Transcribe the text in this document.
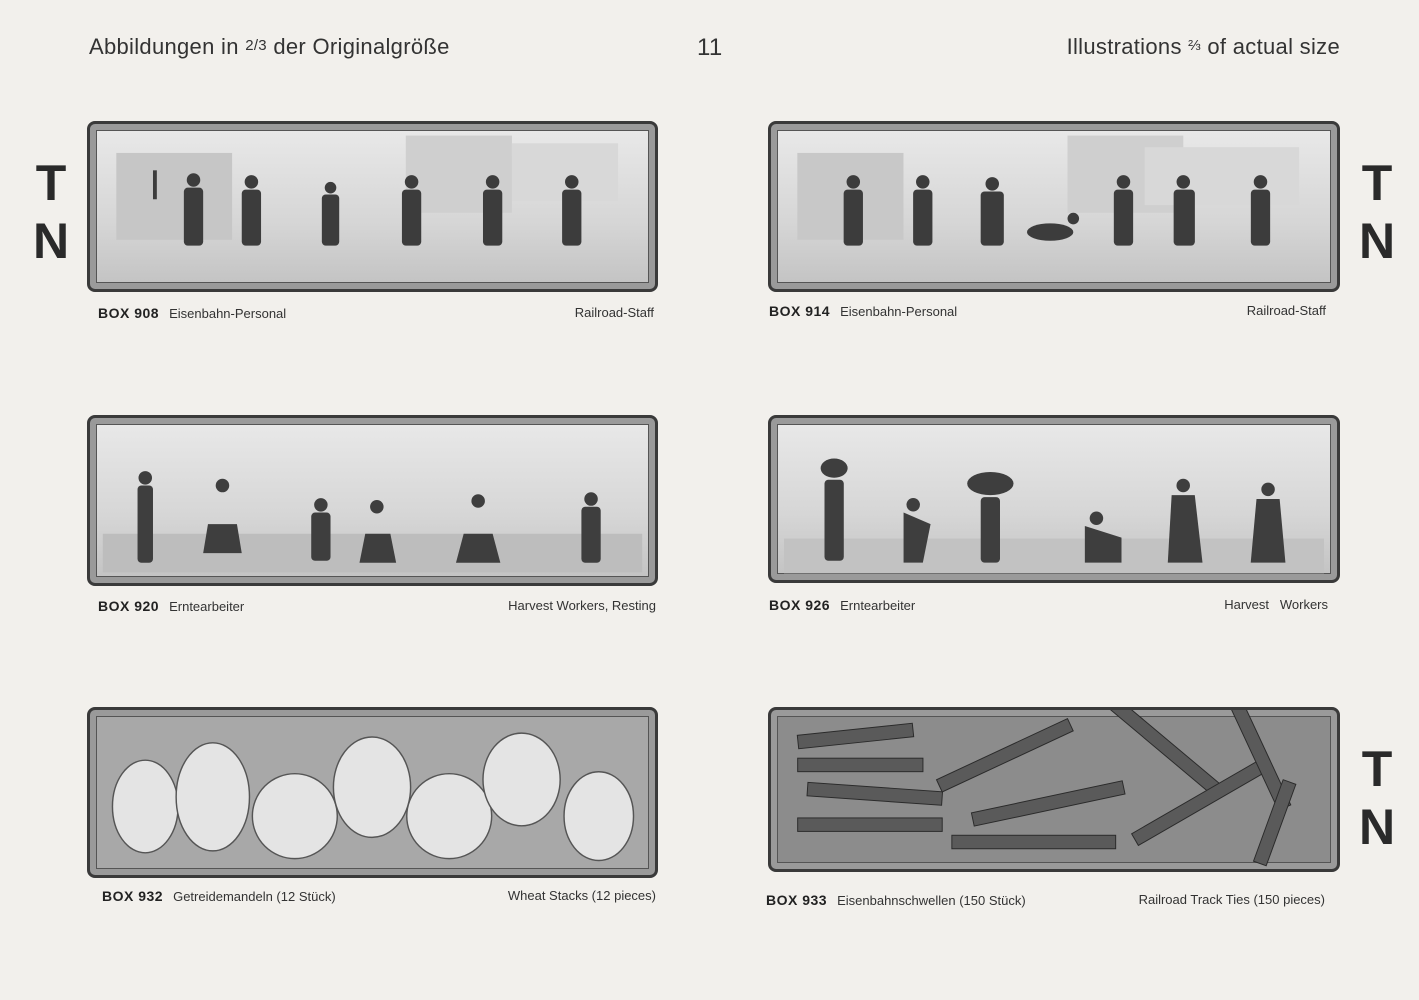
Abbildungen in 2/3 der Originalgröße	11	Illustrations ⅔ of actual size
T
N
T
N
T
N
BOX 908 Eisenbahn-Personal	Railroad-Staff	BOX 914 Eisenbahn-Personal	Railroad-Staff
BOX 920 Erntearbeiter	Harvest Workers, Resting	BOX 926 Erntearbeiter	Harvest   Workers
BOX 932 Getreidemandeln (12 Stück)	Wheat Stacks (12 pieces)	BOX 933 Eisenbahnschwellen (150 Stück)	Railroad Track Ties (150 pieces)
